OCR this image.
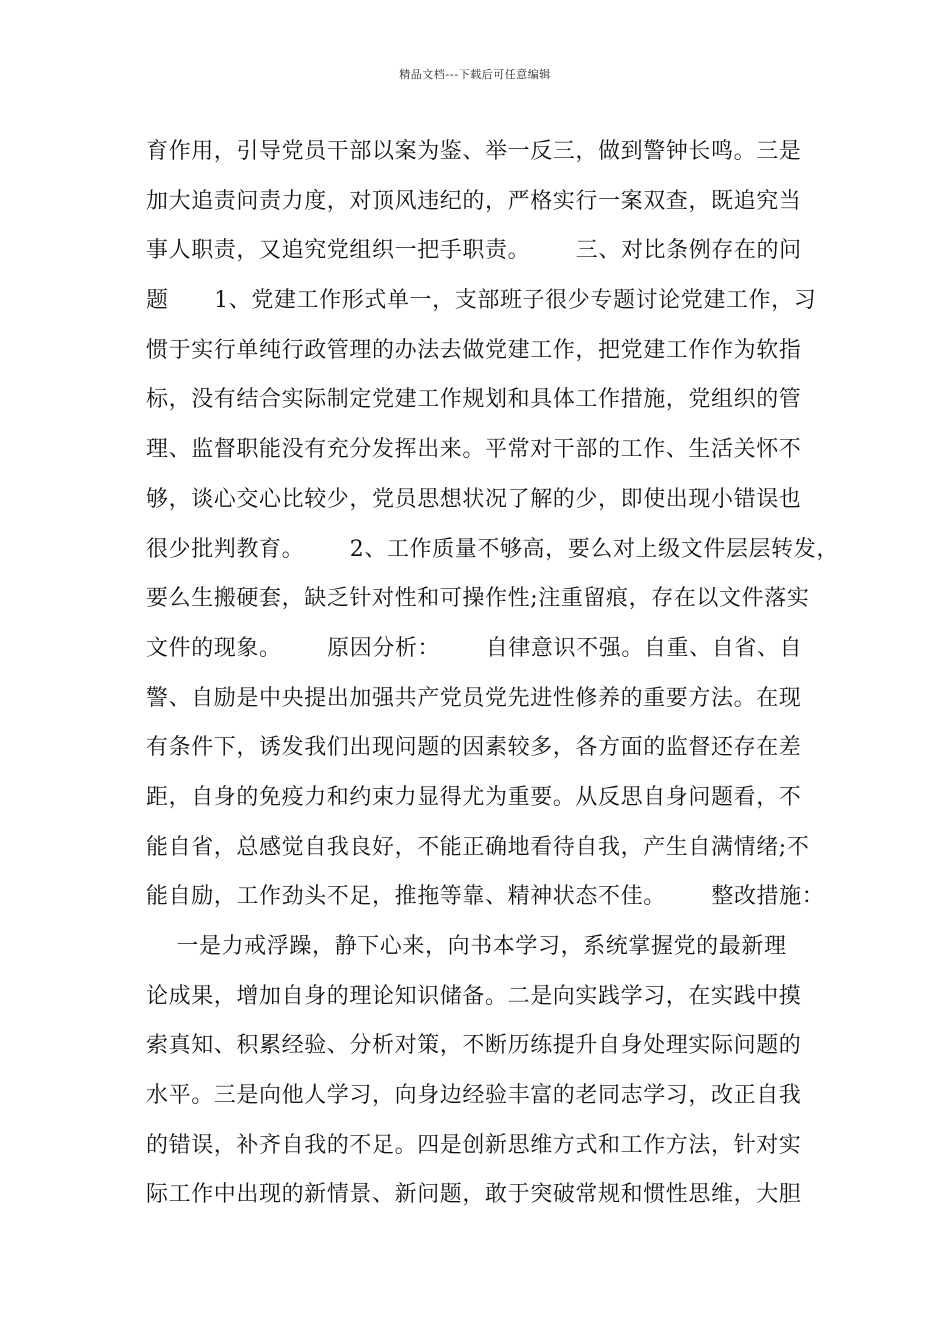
精品文档---下载后可任意编辑
育作用，引导党员干部以案为鉴、举一反三，做到警钟长鸣。三是
加大追责问责力度，对顶风违纪的，严格实行一案双查，既追究当
事人职责，又追究党组织一把手职责。      三、对比条例存在的问
题      1、党建工作形式单一，支部班子很少专题讨论党建工作，习
惯于实行单纯行政管理的办法去做党建工作，把党建工作作为软指
标，没有结合实际制定党建工作规划和具体工作措施，党组织的管
理、监督职能没有充分发挥出来。平常对干部的工作、生活关怀不
够，谈心交心比较少，党员思想状况了解的少，即使出现小错误也
很少批判教育。      2、工作质量不够高，要么对上级文件层层转发，
要么生搬硬套，缺乏针对性和可操作性;注重留痕，存在以文件落实
文件的现象。      原因分析：      自律意识不强。自重、自省、自
警、自励是中央提出加强共产党员党先进性修养的重要方法。在现
有条件下，诱发我们出现问题的因素较多，各方面的监督还存在差
距，自身的免疫力和约束力显得尤为重要。从反思自身问题看，不
能自省，总感觉自我良好，不能正确地看待自我，产生自满情绪;不
能自励，工作劲头不足，推拖等靠、精神状态不佳。      整改措施：
一是力戒浮躁，静下心来，向书本学习，系统掌握党的最新理
论成果，增加自身的理论知识储备。二是向实践学习，在实践中摸
索真知、积累经验、分析对策，不断历练提升自身处理实际问题的
水平。三是向他人学习，向身边经验丰富的老同志学习，改正自我
的错误，补齐自我的不足。四是创新思维方式和工作方法，针对实
际工作中出现的新情景、新问题，敢于突破常规和惯性思维，大胆
